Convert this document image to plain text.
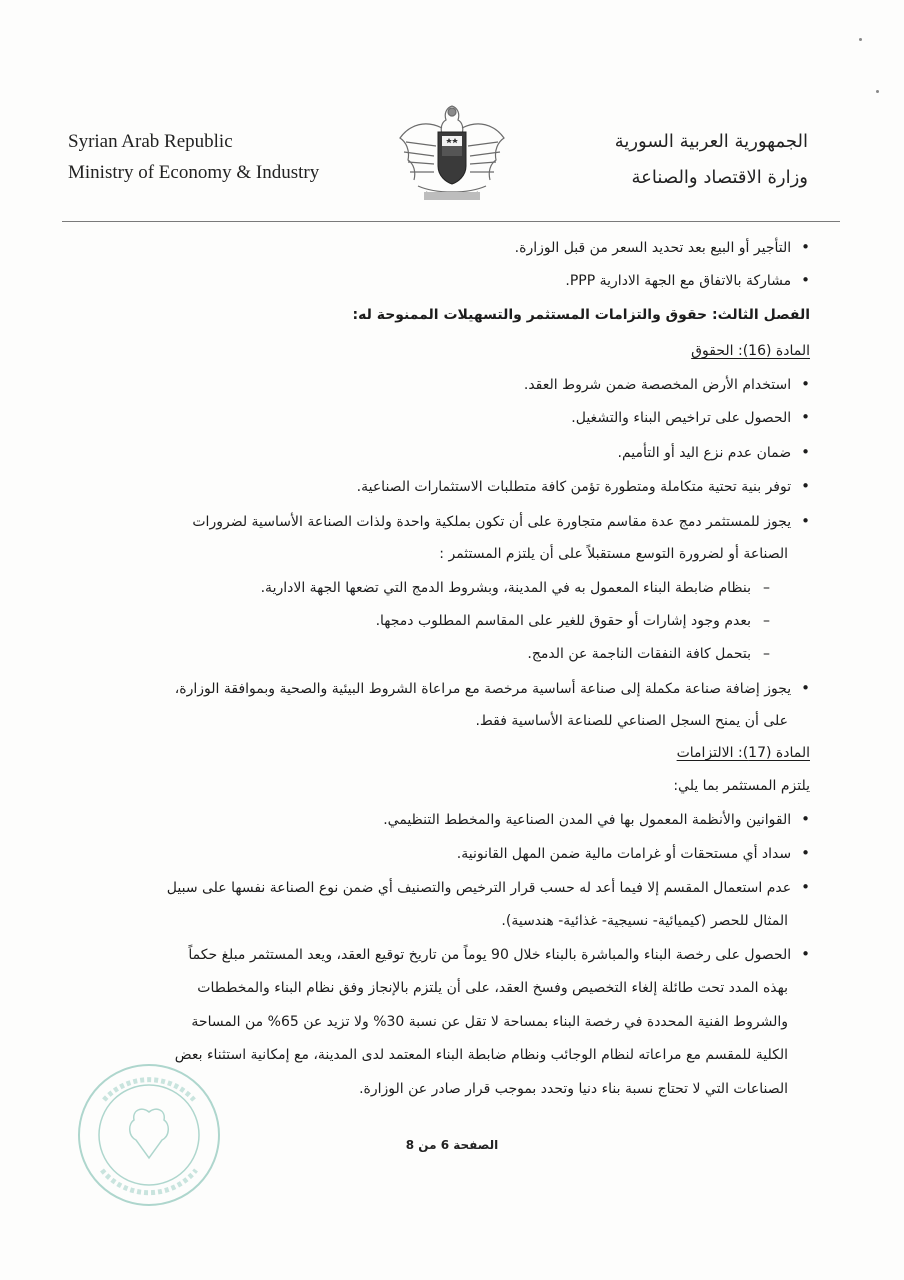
Syrian Arab Republic
Ministry of Economy & Industry
الجمهورية العربية السورية
وزارة الاقتصاد والصناعة
• التأجير أو البيع بعد تحديد السعر من قبل الوزارة.
• مشاركة بالاتفاق مع الجهة الادارية PPP.
الفصل الثالث: حقوق والتزامات المستثمر والتسهيلات الممنوحة له:
المادة (16): الحقوق
• استخدام الأرض المخصصة ضمن شروط العقد.
• الحصول على تراخيص البناء والتشغيل.
• ضمان عدم نزع اليد أو التأميم.
• توفر بنية تحتية متكاملة ومتطورة تؤمن كافة متطلبات الاستثمارات الصناعية.
• يجوز للمستثمر دمج عدة مقاسم متجاورة على أن تكون بملكية واحدة ولذات الصناعة الأساسية لضرورات
الصناعة أو لضرورة التوسع مستقبلاً على أن يلتزم المستثمر :
– بنظام ضابطة البناء المعمول به في المدينة، وبشروط الدمج التي تضعها الجهة الادارية.
– بعدم وجود إشارات أو حقوق للغير على المقاسم المطلوب دمجها.
– بتحمل كافة النفقات الناجمة عن الدمج.
• يجوز إضافة صناعة مكملة إلى صناعة أساسية مرخصة مع مراعاة الشروط البيئية والصحية وبموافقة الوزارة،
على أن يمنح السجل الصناعي للصناعة الأساسية فقط.
المادة (17): الالتزامات
يلتزم المستثمر بما يلي:
• القوانين والأنظمة المعمول بها في المدن الصناعية والمخطط التنظيمي.
• سداد أي مستحقات أو غرامات مالية ضمن المهل القانونية.
• عدم استعمال المقسم إلا فيما أعد له حسب قرار الترخيص والتصنيف أي ضمن نوع الصناعة نفسها على سبيل
المثال للحصر (كيميائية- نسيجية- غذائية- هندسية).
• الحصول على رخصة البناء والمباشرة بالبناء خلال 90 يوماً من تاريخ توقيع العقد، ويعد المستثمر مبلغ حكماً
بهذه المدد تحت طائلة إلغاء التخصيص وفسخ العقد، على أن يلتزم بالإنجاز وفق نظام البناء والمخططات
والشروط الفنية المحددة في رخصة البناء بمساحة لا تقل عن نسبة 30% ولا تزيد عن 65% من المساحة
الكلية للمقسم مع مراعاته لنظام الوجائب ونظام ضابطة البناء المعتمد لدى المدينة، مع إمكانية استثناء بعض
الصناعات التي لا تحتاج نسبة بناء دنيا وتحدد بموجب قرار صادر عن الوزارة.
الصفحة 6 من 8
